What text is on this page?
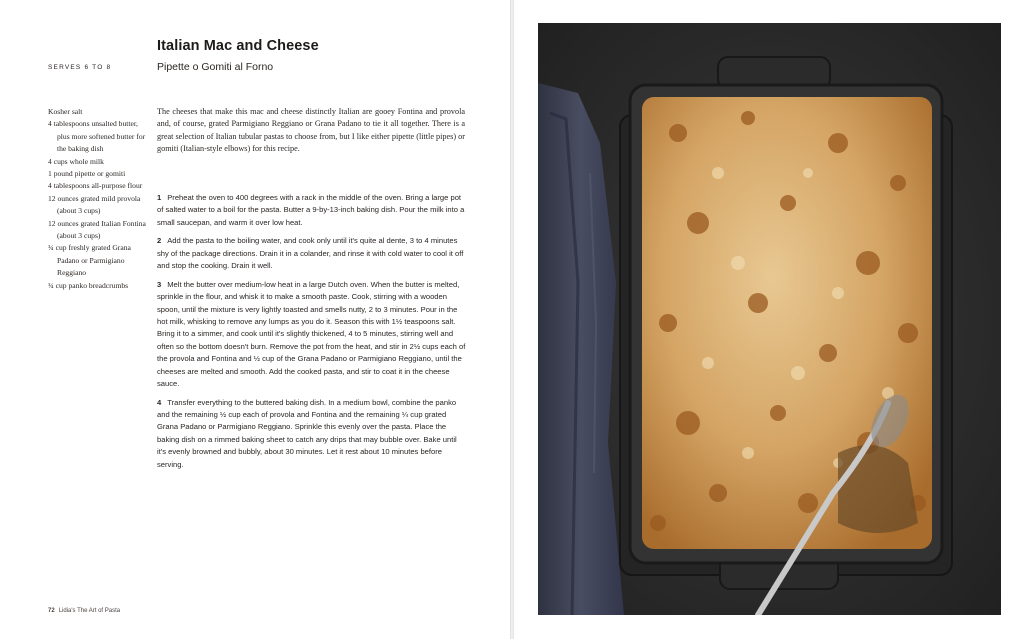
Italian Mac and Cheese
Pipette o Gomiti al Forno
SERVES 6 TO 8
Kosher salt
4 tablespoons unsalted butter, plus more softened butter for the baking dish
4 cups whole milk
1 pound pipette or gomiti
4 tablespoons all-purpose flour
12 ounces grated mild provola (about 3 cups)
12 ounces grated Italian Fontina (about 3 cups)
¾ cup freshly grated Grana Padano or Parmigiano Reggiano
¾ cup panko breadcrumbs

The cheeses that make this mac and cheese distinctly Italian are gooey Fontina and provola and, of course, grated Parmigiano Reggiano or Grana Padano to tie it all together. There is a great selection of Italian tubular pastas to choose from, but I like either pipette (little pipes) or gomiti (Italian-style elbows) for this recipe.

1 Preheat the oven to 400 degrees with a rack in the middle of the oven. Bring a large pot of salted water to a boil for the pasta. Butter a 9-by-13-inch baking dish. Pour the milk into a small saucepan, and warm it over low heat.

2 Add the pasta to the boiling water, and cook only until it's quite al dente, 3 to 4 minutes shy of the package directions. Drain it in a colander, and rinse it with cold water to cool it off and stop the cooking. Drain it well.

3 Melt the butter over medium-low heat in a large Dutch oven. When the butter is melted, sprinkle in the flour, and whisk it to make a smooth paste. Cook, stirring with a wooden spoon, until the mixture is very lightly toasted and smells nutty, 2 to 3 minutes. Pour in the hot milk, whisking to remove any lumps as you do it. Season this with 1½ teaspoons salt. Bring it to a simmer, and cook until it's slightly thickened, 4 to 5 minutes, stirring well and often so the bottom doesn't burn. Remove the pot from the heat, and stir in 2½ cups each of the provola and Fontina and ½ cup of the Grana Padano or Parmigiano Reggiano, until the cheeses are melted and smooth. Add the cooked pasta, and stir to coat it in the cheese sauce.

4 Transfer everything to the buttered baking dish. In a medium bowl, combine the panko and the remaining ½ cup each of provola and Fontina and the remaining ¼ cup grated Grana Padano or Parmigiano Reggiano. Sprinkle this evenly over the pasta. Place the baking dish on a rimmed baking sheet to catch any drips that may bubble over. Bake until it's evenly browned and bubbly, about 30 minutes. Let it rest about 10 minutes before serving.

72 Lidia's The Art of Pasta
